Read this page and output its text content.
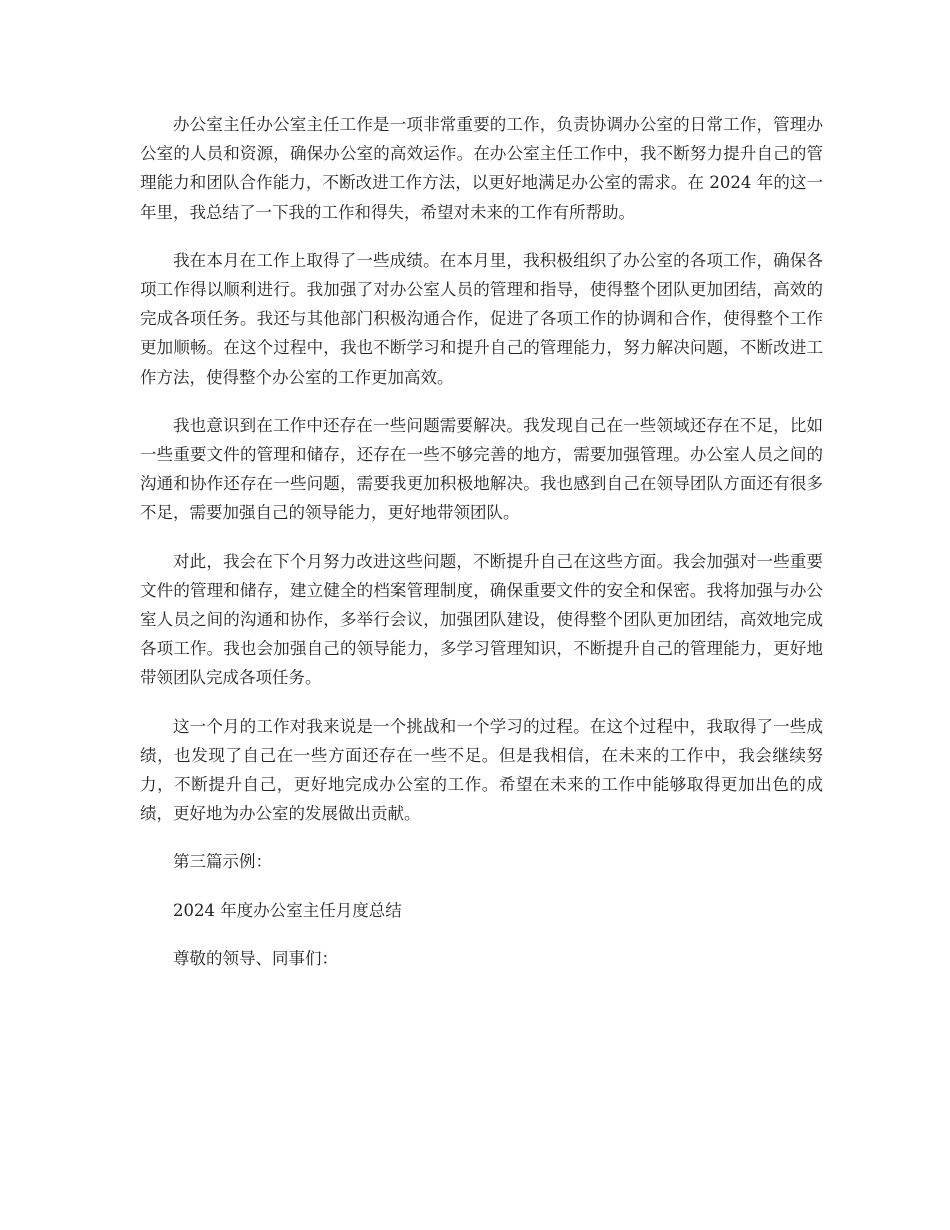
办公室主任办公室主任工作是一项非常重要的工作，负责协调办公室的日常工作，管理办公室的人员和资源，确保办公室的高效运作。在办公室主任工作中，我不断努力提升自己的管理能力和团队合作能力，不断改进工作方法，以更好地满足办公室的需求。在 2024 年的这一年里，我总结了一下我的工作和得失，希望对未来的工作有所帮助。

我在本月在工作上取得了一些成绩。在本月里，我积极组织了办公室的各项工作，确保各项工作得以顺利进行。我加强了对办公室人员的管理和指导，使得整个团队更加团结，高效的完成各项任务。我还与其他部门积极沟通合作，促进了各项工作的协调和合作，使得整个工作更加顺畅。在这个过程中，我也不断学习和提升自己的管理能力，努力解决问题，不断改进工作方法，使得整个办公室的工作更加高效。

我也意识到在工作中还存在一些问题需要解决。我发现自己在一些领域还存在不足，比如一些重要文件的管理和储存，还存在一些不够完善的地方，需要加强管理。办公室人员之间的沟通和协作还存在一些问题，需要我更加积极地解决。我也感到自己在领导团队方面还有很多不足，需要加强自己的领导能力，更好地带领团队。

对此，我会在下个月努力改进这些问题，不断提升自己在这些方面。我会加强对一些重要文件的管理和储存，建立健全的档案管理制度，确保重要文件的安全和保密。我将加强与办公室人员之间的沟通和协作，多举行会议，加强团队建设，使得整个团队更加团结，高效地完成各项工作。我也会加强自己的领导能力，多学习管理知识，不断提升自己的管理能力，更好地带领团队完成各项任务。

这一个月的工作对我来说是一个挑战和一个学习的过程。在这个过程中，我取得了一些成绩，也发现了自己在一些方面还存在一些不足。但是我相信，在未来的工作中，我会继续努力，不断提升自己，更好地完成办公室的工作。希望在未来的工作中能够取得更加出色的成绩，更好地为办公室的发展做出贡献。

第三篇示例：

2024 年度办公室主任月度总结

尊敬的领导、同事们：
